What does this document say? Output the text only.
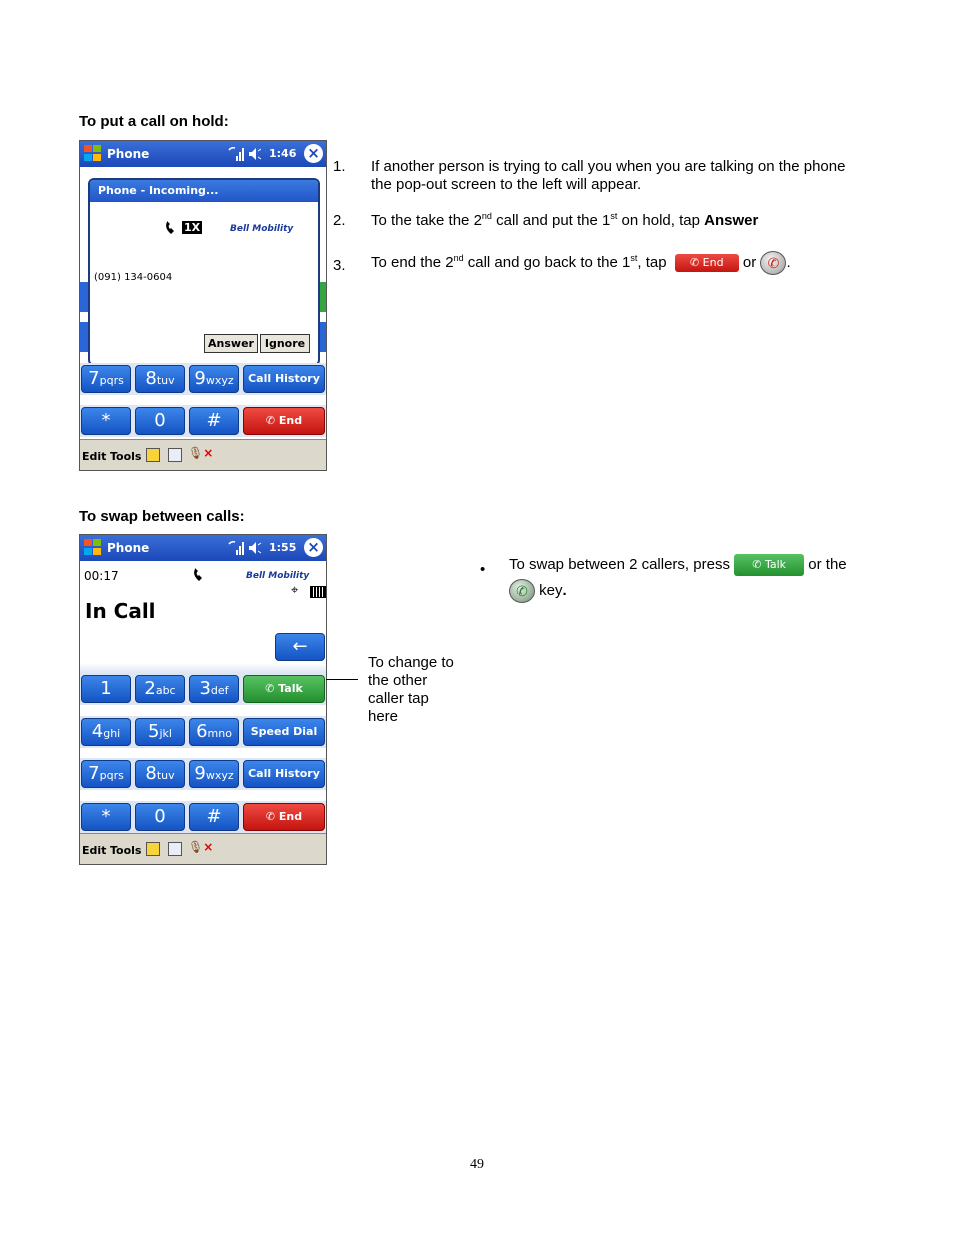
To put a call on hold:
Phone	1:46 ×
Phone - Incoming...
1X	Bell Mobility
(091) 134-0604
Answer Ignore
7pqrs	8tuv	9wxyz	Call History
*	0	#	✆ End
Edit Tools	🎙×
1. If another person is trying to call you when you are talking on the phone
the pop-out screen to the left will appear.
2. To the take the 2nd call and put the 1st on hold, tap Answer
3. To end the 2nd call and go back to the 1st, tap ✆ End or ✆ .
To swap between calls:
Phone	1:55 ×
00:17	Bell Mobility
⌖
In Call
←
1	2abc	3def	✆ Talk
4ghi	5jkl	6mno	Speed Dial
7pqrs	8tuv	9wxyz	Call History
*	0	#	✆ End
Edit Tools	🎙×
To change to
the other
caller tap
here
• To swap between 2 callers, press ✆ Talk or the

✆ key.
49
